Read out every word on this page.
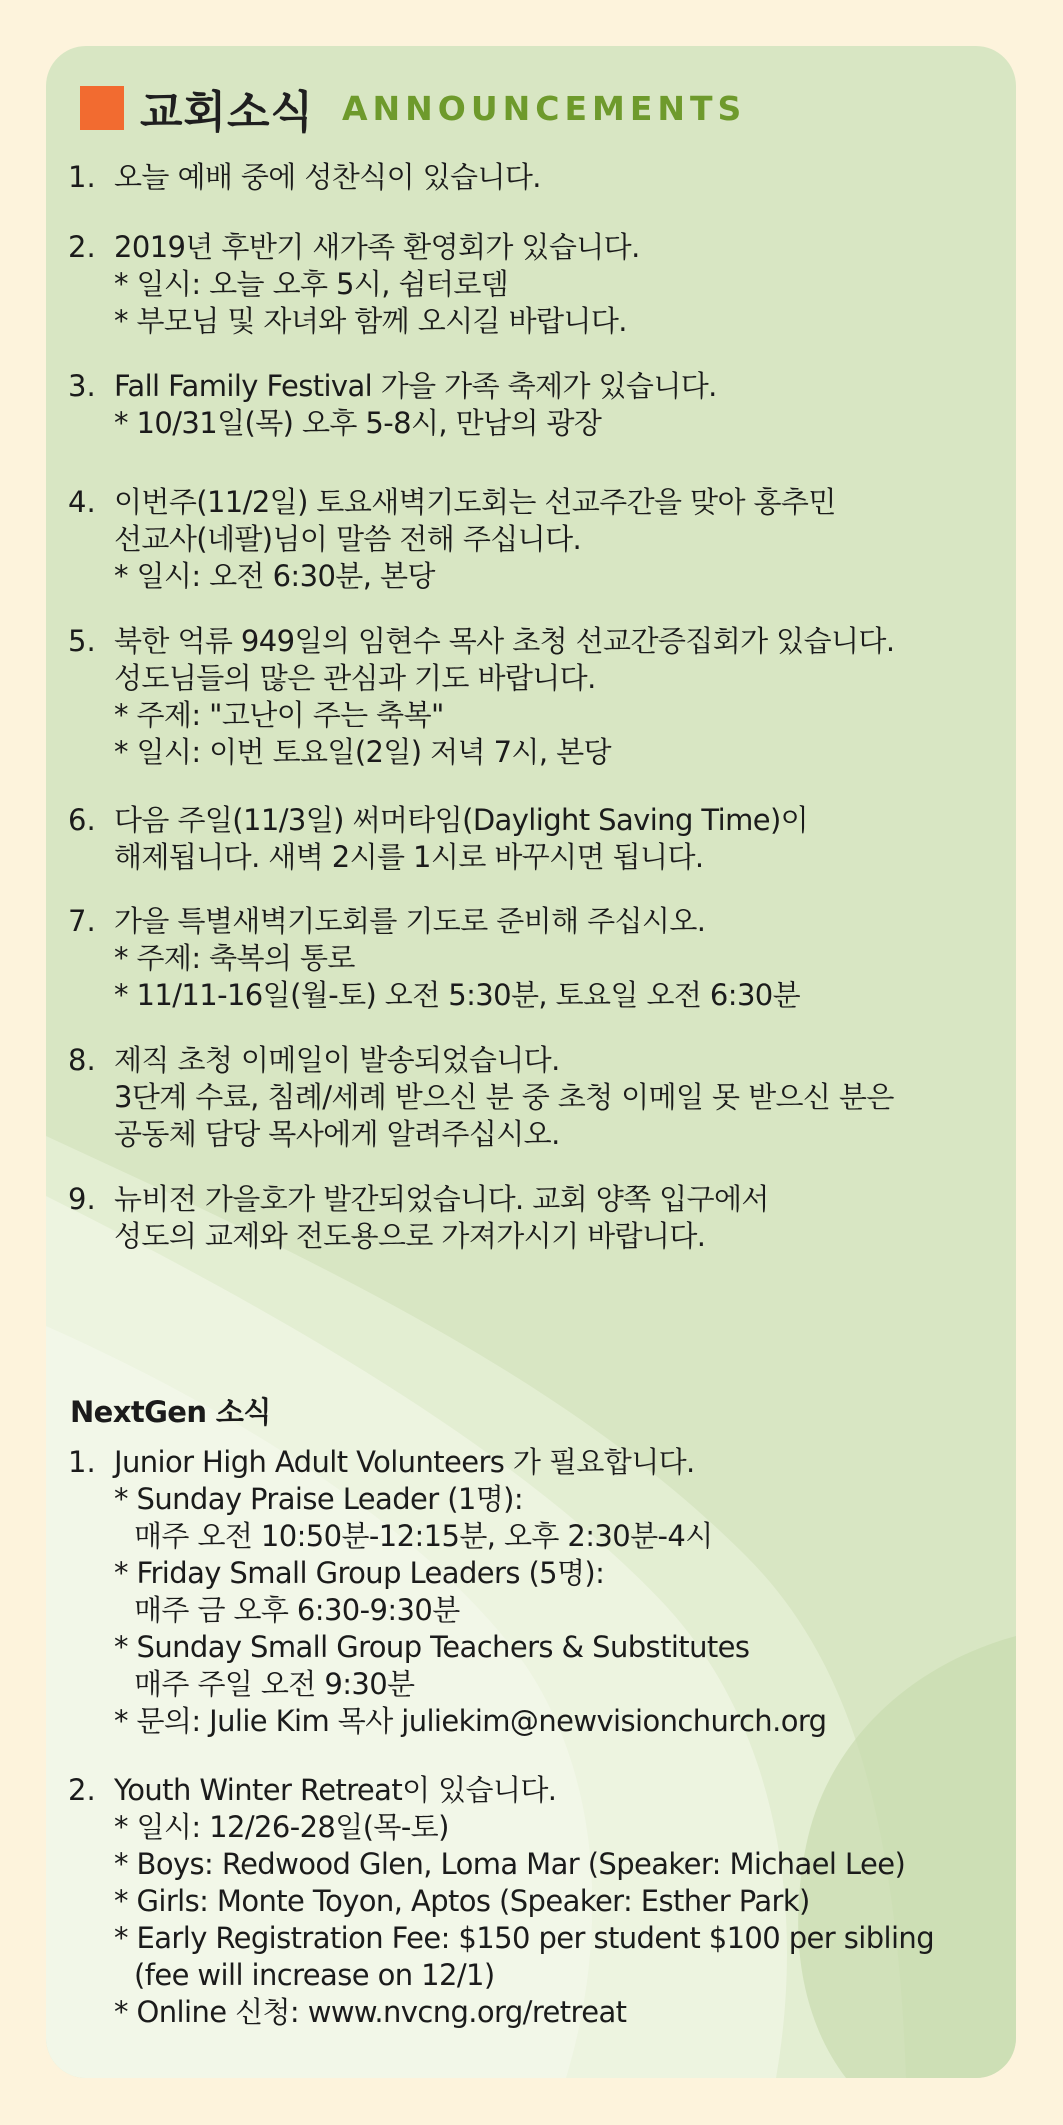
교회소식 ANNOUNCEMENTS
1. 오늘 예배 중에 성찬식이 있습니다.
2. 2019년 후반기 새가족 환영회가 있습니다.
* 일시: 오늘 오후 5시, 쉼터로뎀
* 부모님 및 자녀와 함께 오시길 바랍니다.
3. Fall Family Festival 가을 가족 축제가 있습니다.
* 10/31일(목) 오후 5-8시, 만남의 광장
4. 이번주(11/2일) 토요새벽기도회는 선교주간을 맞아 홍추민
선교사(네팔)님이 말씀 전해 주십니다.
* 일시: 오전 6:30분, 본당
5. 북한 억류 949일의 임현수 목사 초청 선교간증집회가 있습니다.
성도님들의 많은 관심과 기도 바랍니다.
* 주제: "고난이 주는 축복"
* 일시: 이번 토요일(2일) 저녁 7시, 본당
6. 다음 주일(11/3일) 써머타임(Daylight Saving Time)이
해제됩니다. 새벽 2시를 1시로 바꾸시면 됩니다.
7. 가을 특별새벽기도회를 기도로 준비해 주십시오.
* 주제: 축복의 통로
* 11/11-16일(월-토) 오전 5:30분, 토요일 오전 6:30분
8. 제직 초청 이메일이 발송되었습니다.
3단계 수료, 침례/세례 받으신 분 중 초청 이메일 못 받으신 분은
공동체 담당 목사에게 알려주십시오.
9. 뉴비전 가을호가 발간되었습니다. 교회 양쪽 입구에서
성도의 교제와 전도용으로 가져가시기 바랍니다.
NextGen 소식
1. Junior High Adult Volunteers 가 필요합니다.
* Sunday Praise Leader (1명):
매주 오전 10:50분-12:15분, 오후 2:30분-4시
* Friday Small Group Leaders (5명):
매주 금 오후 6:30-9:30분
* Sunday Small Group Teachers & Substitutes
매주 주일 오전 9:30분
* 문의: Julie Kim 목사 juliekim@newvisionchurch.org
2. Youth Winter Retreat이 있습니다.
* 일시: 12/26-28일(목-토)
* Boys: Redwood Glen, Loma Mar (Speaker: Michael Lee)
* Girls: Monte Toyon, Aptos (Speaker: Esther Park)
* Early Registration Fee: $150 per student $100 per sibling
(fee will increase on 12/1)
* Online 신청: www.nvcng.org/retreat
